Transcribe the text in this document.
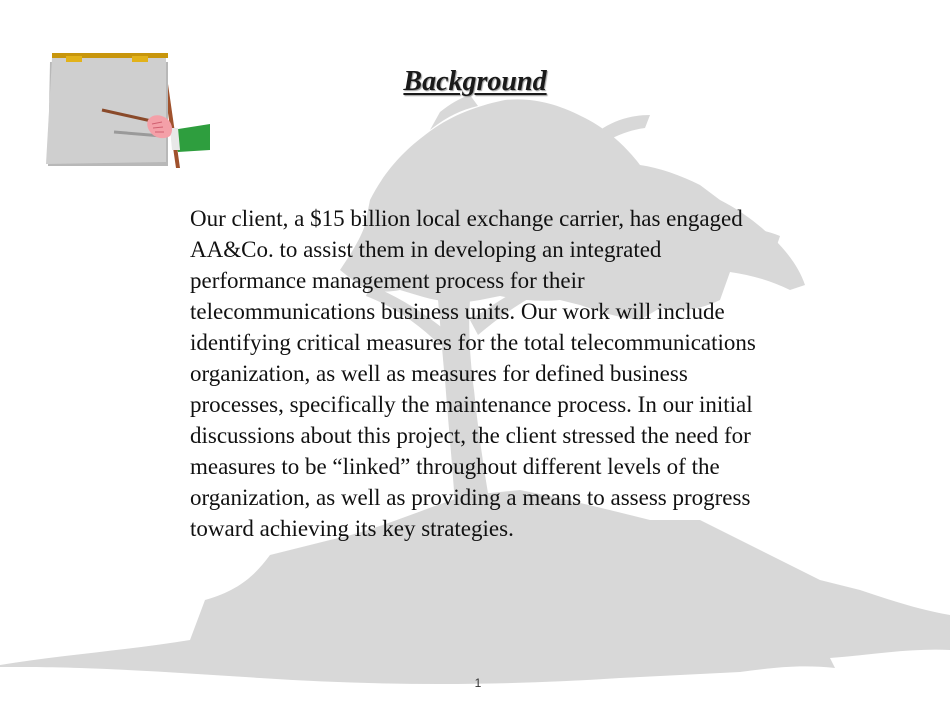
Background

Our client, a $15 billion local exchange carrier, has engaged AA&Co. to assist them in developing an integrated performance management process for their telecommunications business units. Our work will include identifying critical measures for the total telecommunications organization, as well as measures for defined business processes, specifically the maintenance process. In our initial discussions about this project, the client stressed the need for measures to be “linked” throughout different levels of the organization, as well as providing a means to assess progress toward achieving its key strategies.

1
